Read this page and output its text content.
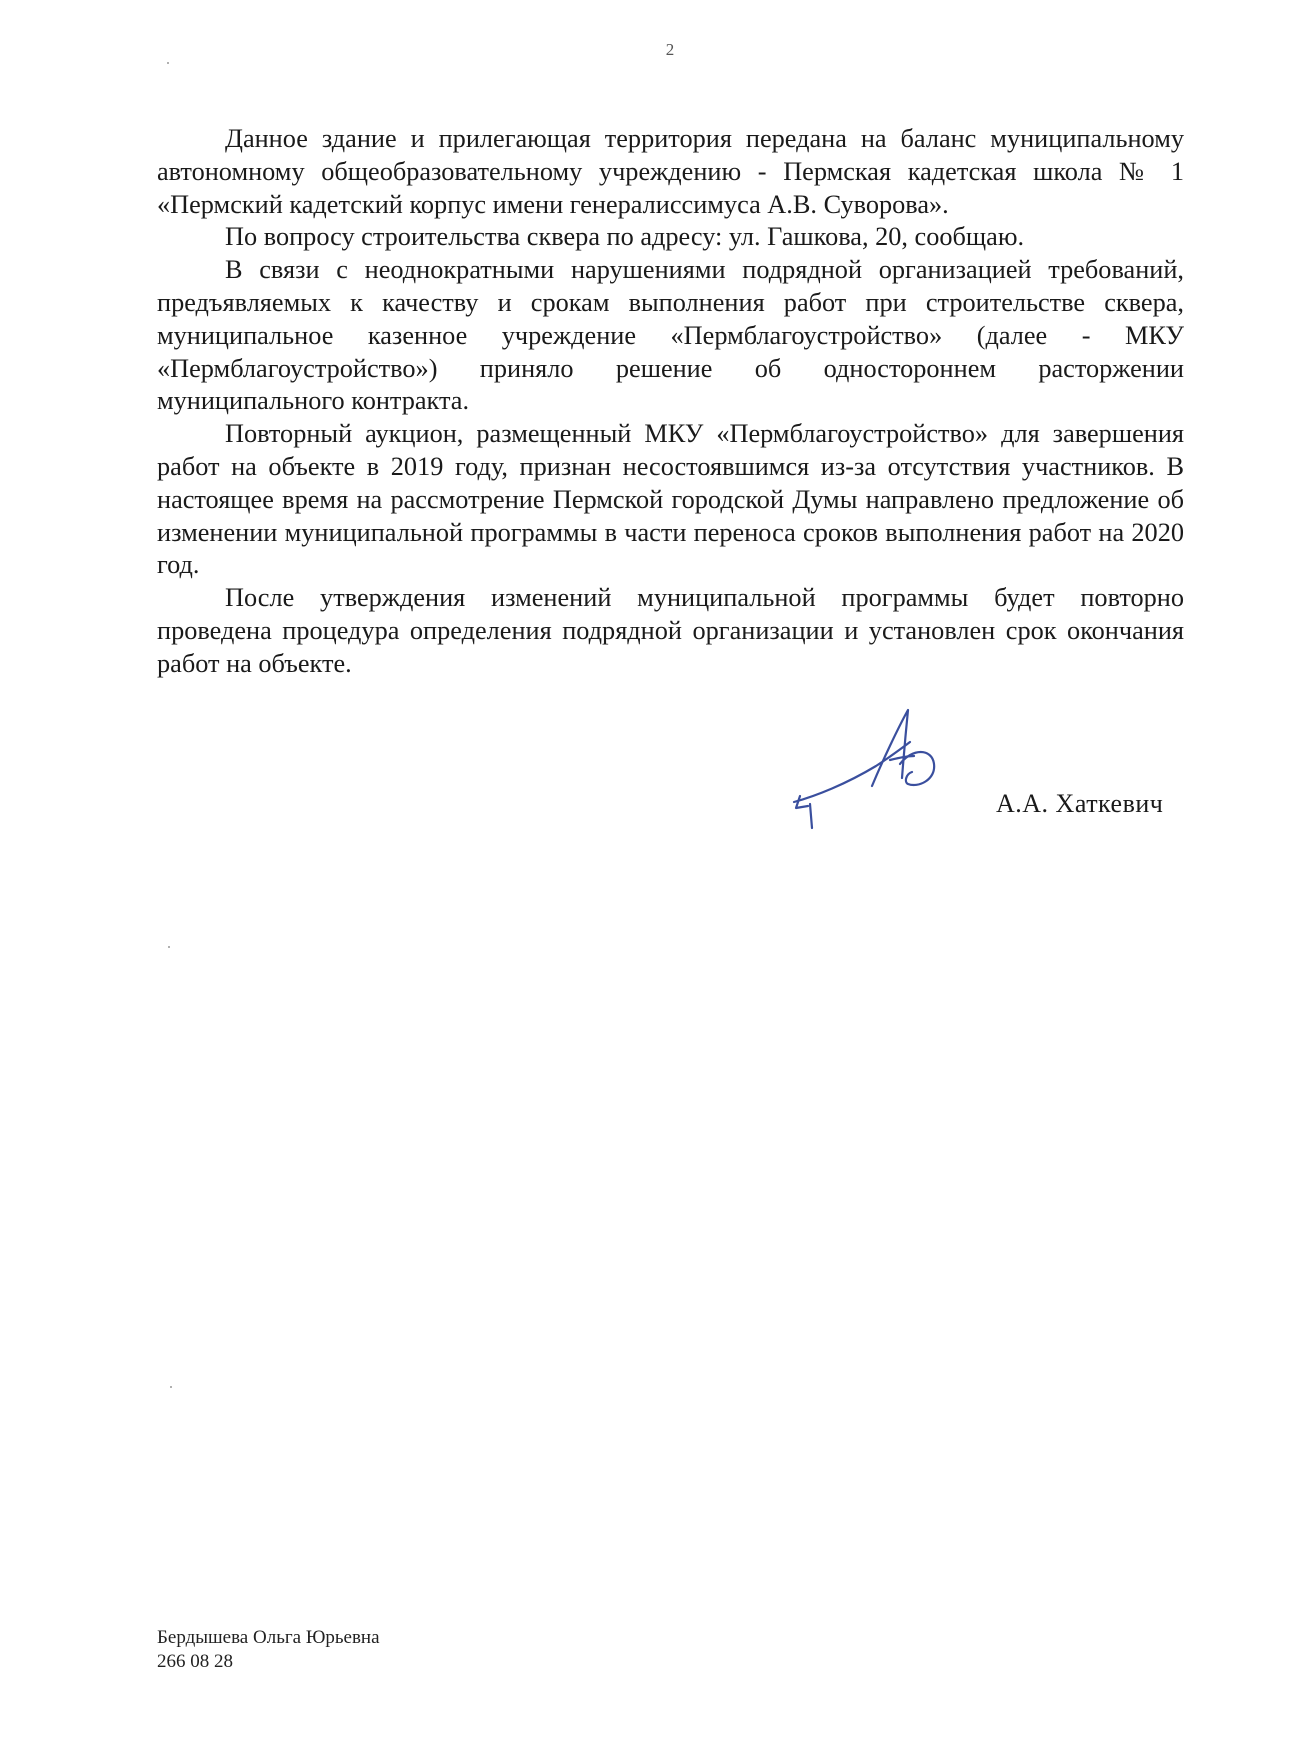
2

Данное здание и прилегающая территория передана на баланс муниципальному автономному общеобразовательному учреждению - Пермская кадетская школа № 1 «Пермский кадетский корпус имени генералиссимуса А.В. Суворова».

По вопросу строительства сквера по адресу: ул. Гашкова, 20, сообщаю.

В связи с неоднократными нарушениями подрядной организацией требований, предъявляемых к качеству и срокам выполнения работ при строительстве сквера, муниципальное казенное учреждение «Пермблагоустройство» (далее - МКУ «Пермблагоустройство») приняло решение об одностороннем расторжении муниципального контракта.

Повторный аукцион, размещенный МКУ «Пермблагоустройство» для завершения работ на объекте в 2019 году, признан несостоявшимся из-за отсутствия участников. В настоящее время на рассмотрение Пермской городской Думы направлено предложение об изменении муниципальной программы в части переноса сроков выполнения работ на 2020 год.

После утверждения изменений муниципальной программы будет повторно проведена процедура определения подрядной организации и установлен срок окончания работ на объекте.

А.А. Хаткевич
Бердышева Ольга Юрьевна
266 08 28
